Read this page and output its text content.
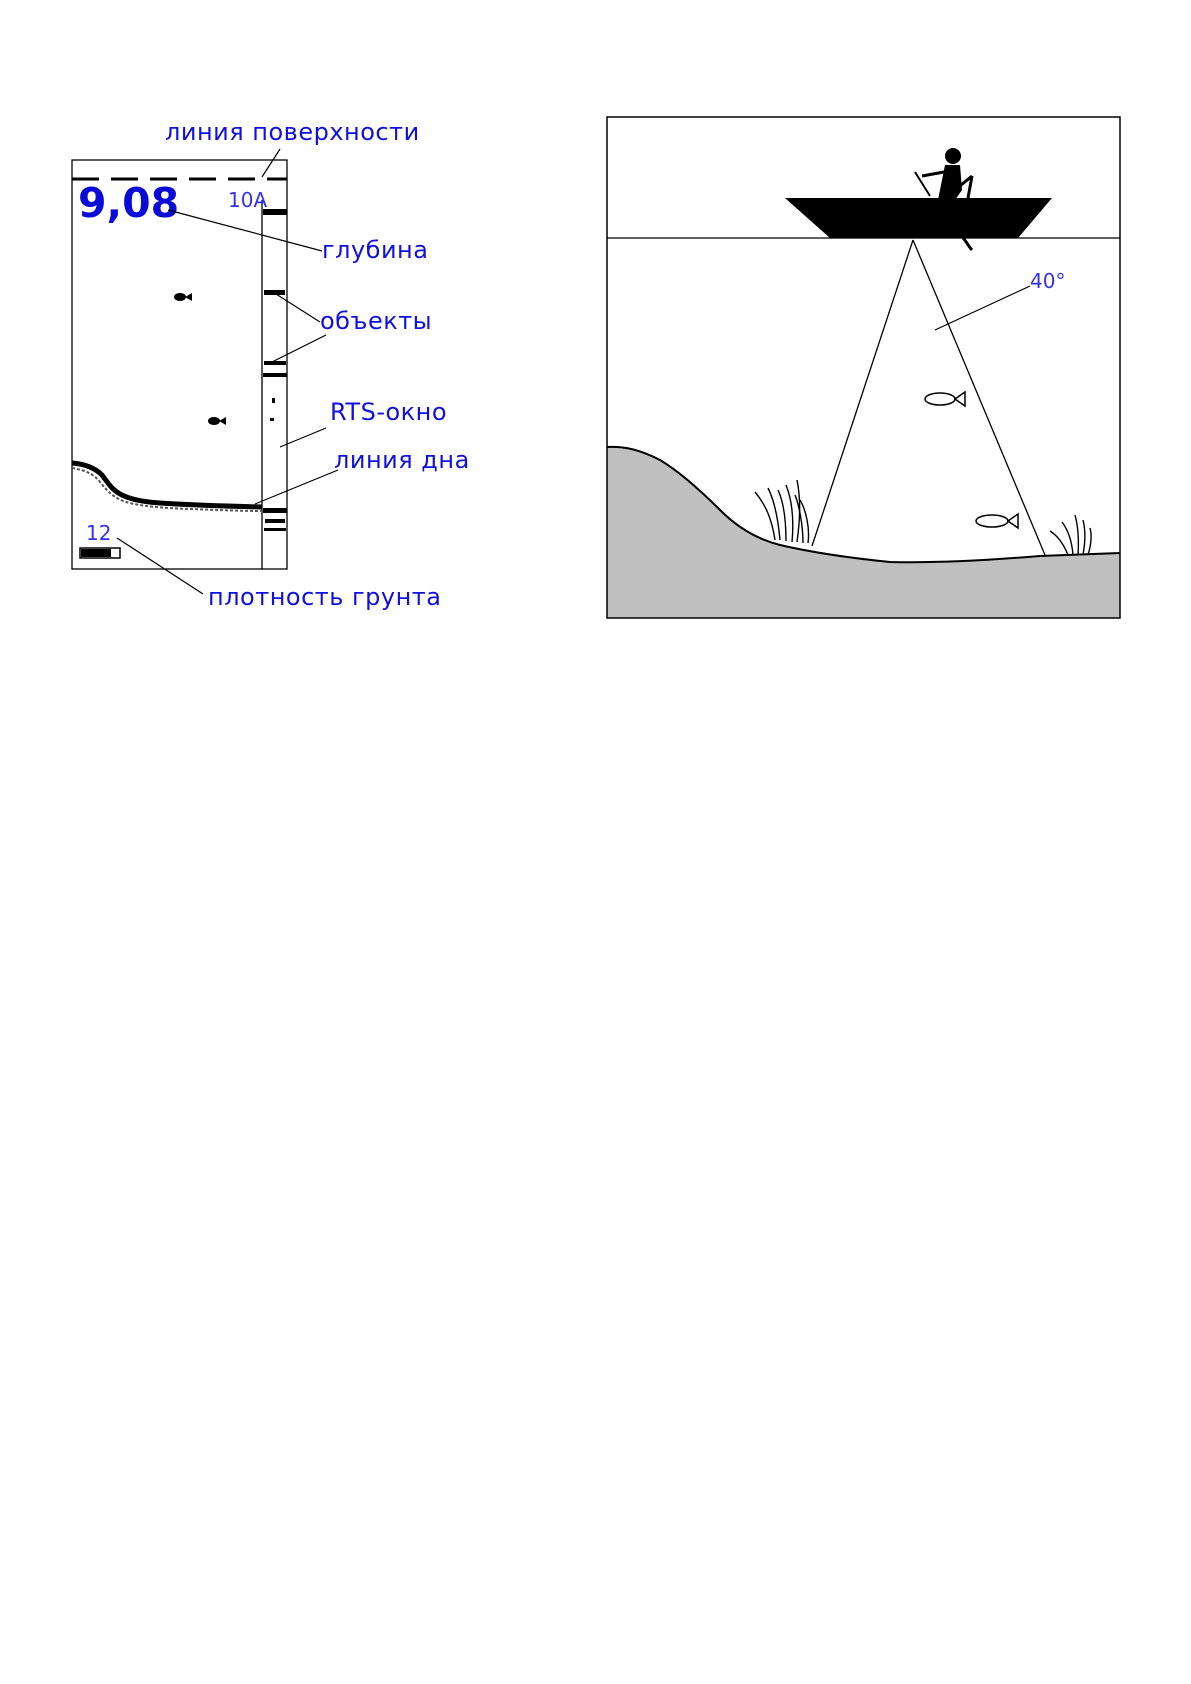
9,08 10A
12
линия поверхности
глубина
объекты
RTS-окно
линия дна
плотность грунта
40°
